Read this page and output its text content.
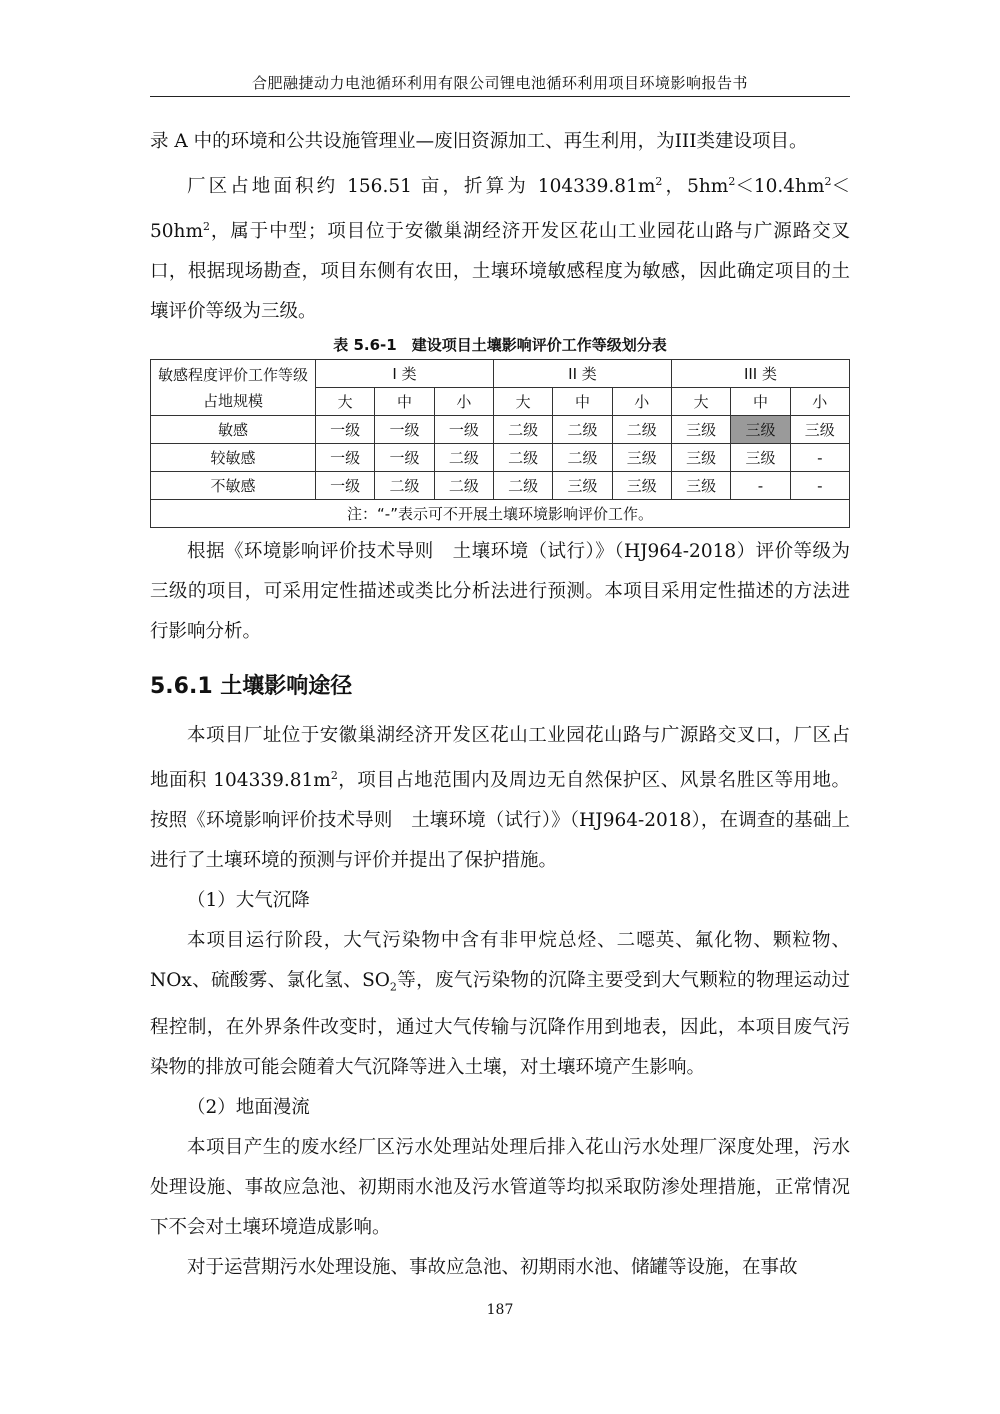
合肥融捷动力电池循环利用有限公司锂电池循环利用项目环境影响报告书

录 A 中的环境和公共设施管理业—废旧资源加工、再生利用，为III类建设项目。

厂区占地面积约 156.51 亩，折算为 $104339.81m^2$，$5hm^2<10.4hm^2<50hm^2$，属于中型；项目位于安徽巢湖经济开发区花山工业园花山路与广源路交叉口，根据现场勘查，项目东侧有农田，土壤环境敏感程度为敏感，因此确定项目的土壤评价等级为三级。

表 5.6-1　建设项目土壤影响评价工作等级划分表
敏感程度评价工作等级占地规模	I 类			II 类			III 类		
	大	中	小	大	中	小	大	中	小
敏感	一级	一级	一级	二级	二级	二级	三级	三级	三级
较敏感	一级	一级	二级	二级	二级	三级	三级	三级	-
不敏感	一级	二级	二级	二级	三级	三级	三级	-	-
注：“-”表示可不开展土壤环境影响评价工作。									

根据《环境影响评价技术导则　土壤环境（试行）》（HJ964-2018）评价等级为三级的项目，可采用定性描述或类比分析法进行预测。本项目采用定性描述的方法进行影响分析。

5.6.1 土壤影响途径

本项目厂址位于安徽巢湖经济开发区花山工业园花山路与广源路交叉口，厂区占地面积 $104339.81m^2$，项目占地范围内及周边无自然保护区、风景名胜区等用地。按照《环境影响评价技术导则　土壤环境（试行）》（HJ964-2018），在调查的基础上进行了土壤环境的预测与评价并提出了保护措施。

（1）大气沉降

本项目运行阶段，大气污染物中含有非甲烷总烃、二噁英、氟化物、颗粒物、NOx、硫酸雾、氯化氢、$SO_2$等，废气污染物的沉降主要受到大气颗粒的物理运动过程控制，在外界条件改变时，通过大气传输与沉降作用到地表，因此，本项目废气污染物的排放可能会随着大气沉降等进入土壤，对土壤环境产生影响。

（2）地面漫流

本项目产生的废水经厂区污水处理站处理后排入花山污水处理厂深度处理，污水处理设施、事故应急池、初期雨水池及污水管道等均拟采取防渗处理措施，正常情况下不会对土壤环境造成影响。

对于运营期污水处理设施、事故应急池、初期雨水池、储罐等设施，在事故

187
